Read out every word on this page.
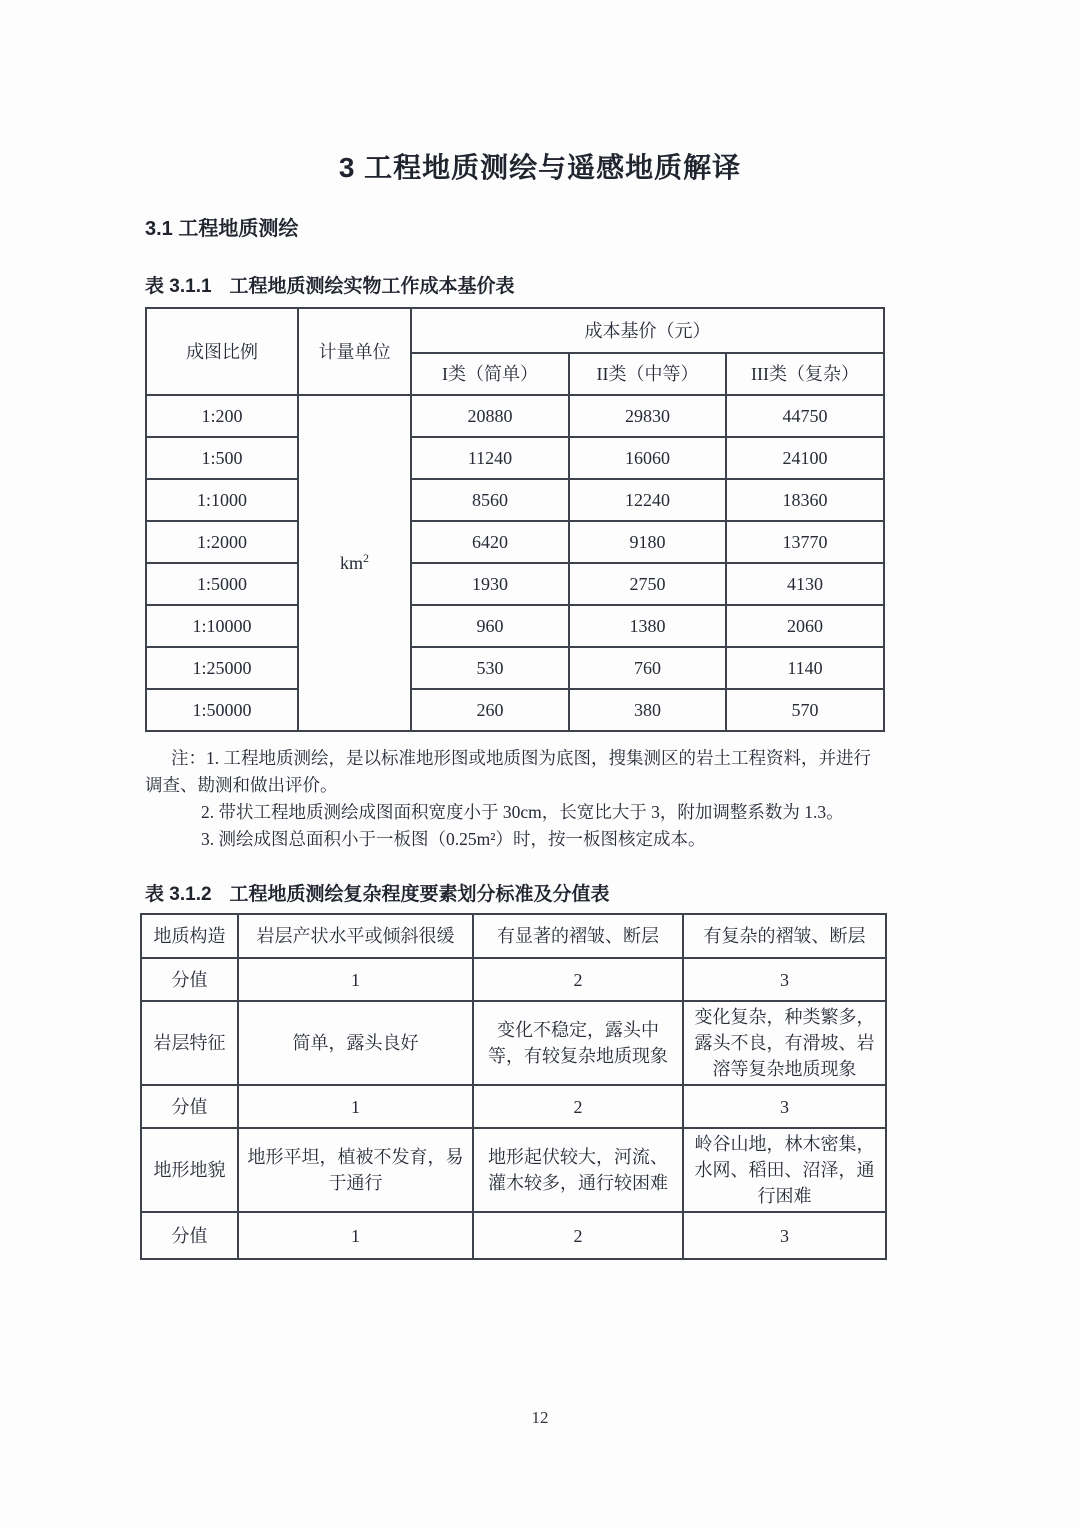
3 工程地质测绘与遥感地质解译
3.1 工程地质测绘
表 3.1.1 工程地质测绘实物工作成本基价表
成图比例	计量单位	成本基价（元）		
		I类（简单）	II类（中等）	III类（复杂）
1:200	$km^2$	20880	29830	44750
1:500		11240	16060	24100
1:1000		8560	12240	18360
1:2000		6420	9180	13770
1:5000		1930	2750	4130
1:10000		960	1380	2060
1:25000		530	760	1140
1:50000		260	380	570
注：1. 工程地质测绘，是以标准地形图或地质图为底图，搜集测区的岩土工程资料，并进行
调查、勘测和做出评价。
2. 带状工程地质测绘成图面积宽度小于 30cm，长宽比大于 3，附加调整系数为 1.3。
3. 测绘成图总面积小于一板图（0.25m²）时，按一板图核定成本。
表 3.1.2 工程地质测绘复杂程度要素划分标准及分值表
地质构造	岩层产状水平或倾斜很缓	有显著的褶皱、断层	有复杂的褶皱、断层
分值	1	2	3
岩层特征	简单，露头良好	变化不稳定，露头中等，有较复杂地质现象	变化复杂，种类繁多，露头不良，有滑坡、岩溶等复杂地质现象
分值	1	2	3
地形地貌	地形平坦，植被不发育，易于通行	地形起伏较大，河流、灌木较多，通行较困难	岭谷山地，林木密集，水网、稻田、沼泽，通行困难
分值	1	2	3
12
